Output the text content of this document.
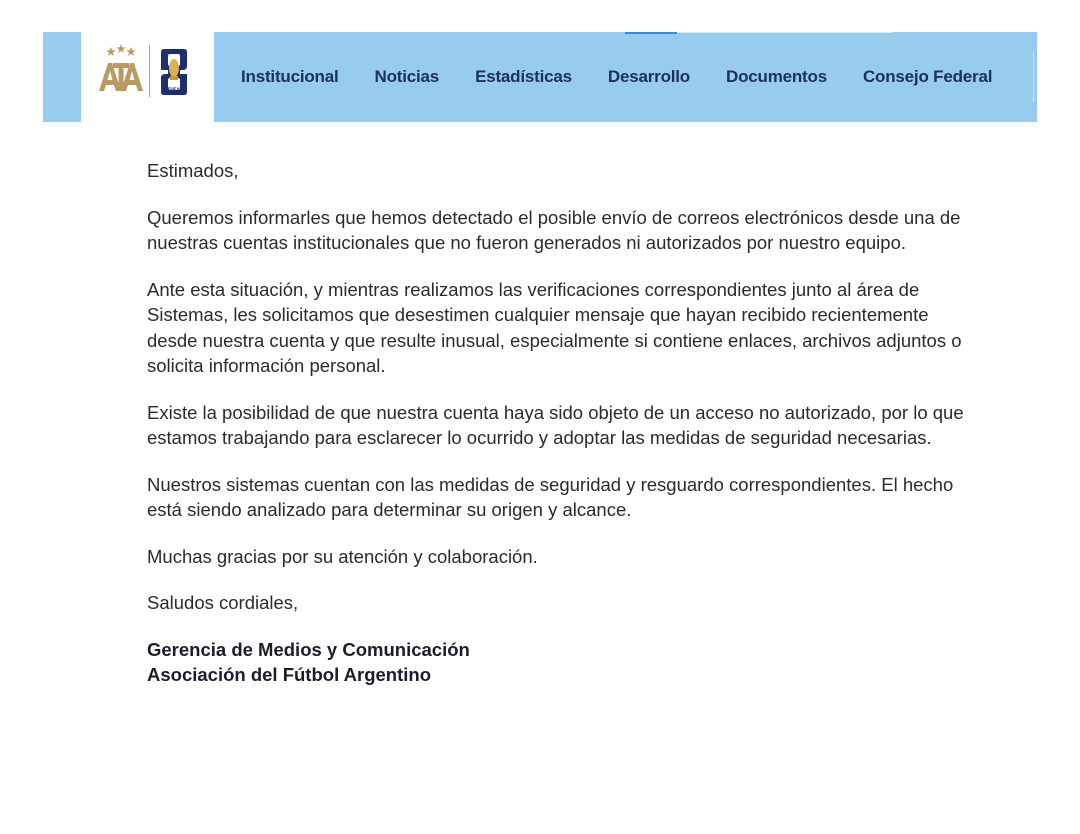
FIFA
Institucional Noticias Estadísticas Desarrollo Documentos Consejo Federal

Estimados,

Queremos informarles que hemos detectado el posible envío de correos electrónicos desde una de nuestras cuentas institucionales que no fueron generados ni autorizados por nuestro equipo.

Ante esta situación, y mientras realizamos las verificaciones correspondientes junto al área de Sistemas, les solicitamos que desestimen cualquier mensaje que hayan recibido recientemente desde nuestra cuenta y que resulte inusual, especialmente si contiene enlaces, archivos adjuntos o solicita información personal.

Existe la posibilidad de que nuestra cuenta haya sido objeto de un acceso no autorizado, por lo que estamos trabajando para esclarecer lo ocurrido y adoptar las medidas de seguridad necesarias.

Nuestros sistemas cuentan con las medidas de seguridad y resguardo correspondientes. El hecho está siendo analizado para determinar su origen y alcance.

Muchas gracias por su atención y colaboración.

Saludos cordiales,

Gerencia de Medios y Comunicación
Asociación del Fútbol Argentino
